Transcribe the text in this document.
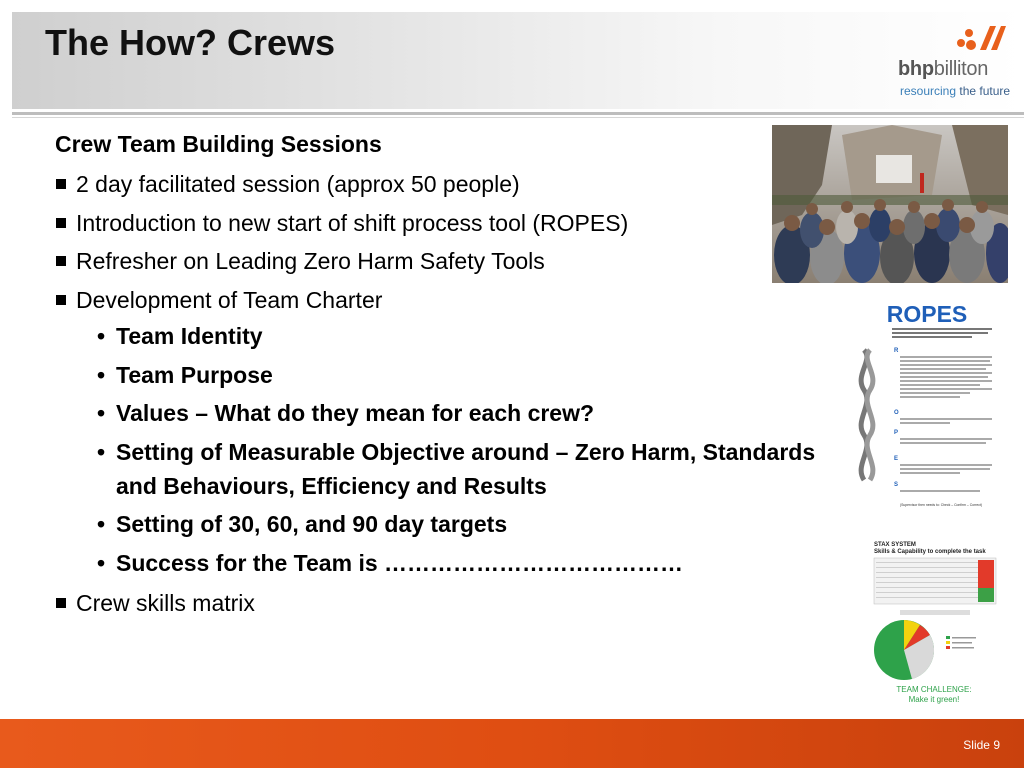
The How? Crews
bhpbilliton
resourcing the future
Crew Team Building Sessions
2 day facilitated session (approx 50 people)
Introduction to new start of shift process tool (ROPES)
Refresher on Leading Zero Harm Safety Tools
Development of Team Charter
• Team Identity
• Team Purpose
• Values – What do they mean for each crew?
• Setting of Measurable Objective around – Zero Harm, Standards and Behaviours, Efficiency and Results
• Setting of 30, 60, and 90 day targets
• Success for the Team is …………………………………
Crew skills matrix
ROPES
R
O
P
E
S
(Supervisor then needs to: Check – Confirm – Correct)
STAX SYSTEM
Skills & Capability to complete the task
TEAM CHALLENGE:
Make it green!
Slide 9
